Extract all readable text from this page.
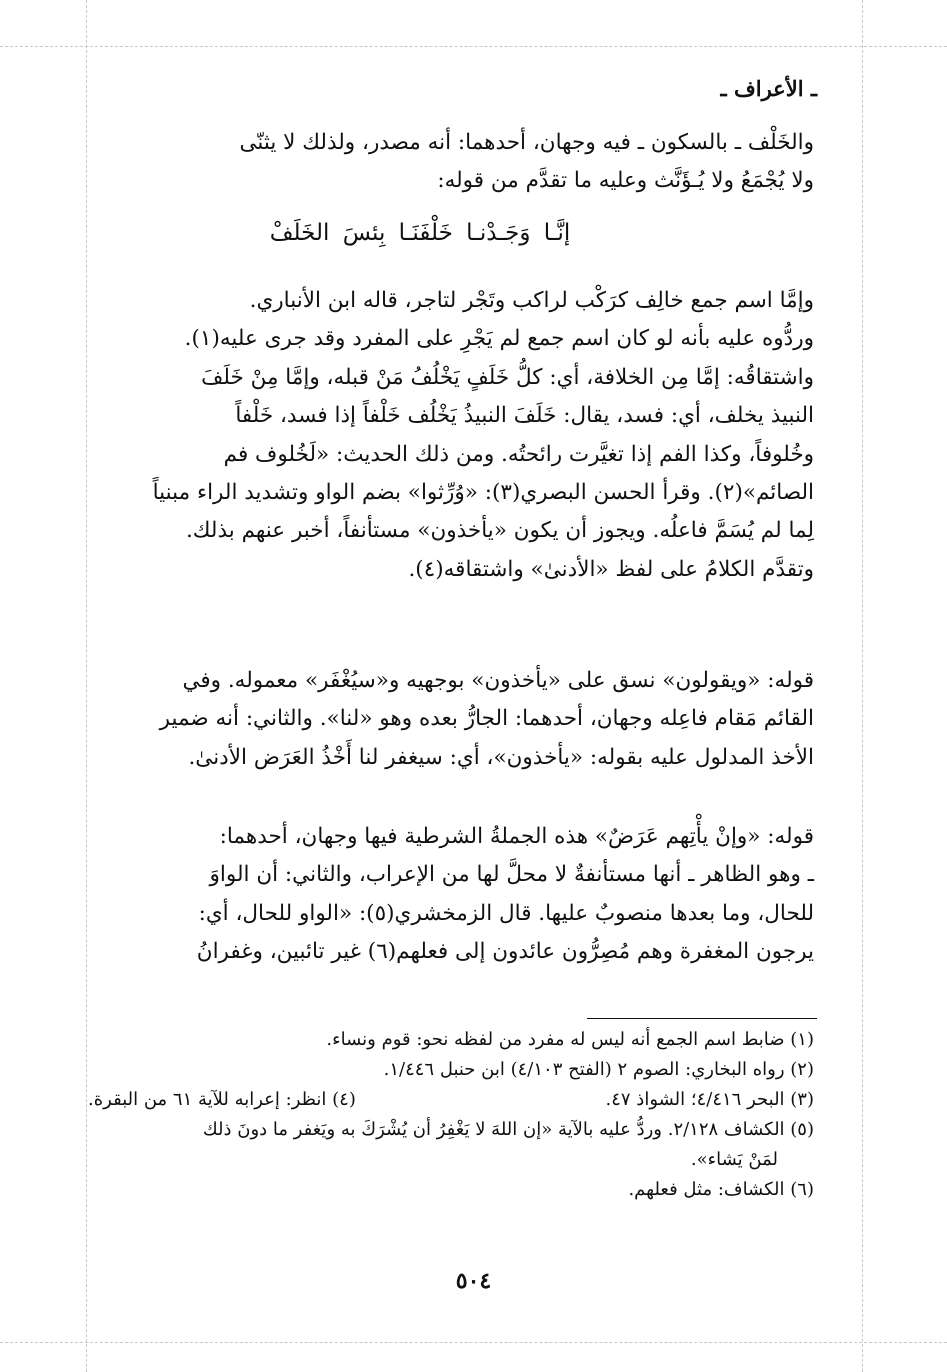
ـ الأعراف ـ
والخَلْف ـ بالسكون ـ فيه وجهان، أحدهما: أنه مصدر، ولذلك لا يثنّى
ولا يُجْمَعُ ولا يُـؤَنَّث وعليه ما تقدَّم من قوله:
إنَّـا وَجَـدْنـا خَلْفَنَـا بِئسَ الخَلَفْ
وإمَّا اسم جمع خالِف كرَكْب لراكب وتَجْر لتاجر، قاله ابن الأنباري.
وردُّوه عليه بأنه لو كان اسم جمع لم يَجْرِ على المفرد وقد جرى عليه(١).
واشتقاقُه: إمَّا مِن الخلافة، أي: كلُّ خَلَفٍ يَخْلُفُ مَنْ قبله، وإمَّا مِنْ خَلَفَ
النبيذ يخلف، أي: فسد، يقال: خَلَفَ النبيذُ يَخْلُف خَلْفاً إذا فسد، خَلْفاً
وخُلوفاً، وكذا الفم إذا تغيَّرت رائحتُه. ومن ذلك الحديث: «لَخُلوف فم
الصائم»(٢). وقرأ الحسن البصري(٣): «وُرِّثوا» بضم الواو وتشديد الراء مبنياً
لِما لم يُسَمَّ فاعلُه. ويجوز أن يكون «يأخذون» مستأنفاً، أخبر عنهم بذلك.
وتقدَّم الكلامُ على لفظ «الأدنىٰ» واشتقاقه(٤).
قوله: «ويقولون» نسق على «يأخذون» بوجهيه و«سيُغْفَر» معموله. وفي
القائم مَقام فاعِله وجهان، أحدهما: الجارُّ بعده وهو «لنا». والثاني: أنه ضمير
الأخذ المدلول عليه بقوله: «يأخذون»، أي: سيغفر لنا أَخْذُ العَرَض الأدنىٰ.
قوله: «وإنْ يأْتِهم عَرَضٌ» هذه الجملةُ الشرطية فيها وجهان، أحدهما:
ـ وهو الظاهر ـ أنها مستأنفةٌ لا محلَّ لها من الإعراب، والثاني: أن الواوَ
للحال، وما بعدها منصوبٌ عليها. قال الزمخشري(٥): «الواو للحال، أي:
يرجون المغفرة وهم مُصِرُّون عائدون إلى فعلهم(٦) غير تائبين، وغفرانُ
(١) ضابط اسم الجمع أنه ليس له مفرد من لفظه نحو: قوم ونساء.
(٢) رواه البخاري: الصوم ٢ (الفتح ٤/١٠٣) ابن حنبل ١/٤٤٦.
(٣) البحر ٤/٤١٦؛ الشواذ ٤٧.
(٤) انظر: إعرابه للآية ٦١ من البقرة.
(٥) الكشاف ٢/١٢٨. وردُّ عليه بالآية «إن اللهَ لا يَغْفِرُ أن يُشْرَكَ به ويَغفر ما دونَ ذلك
لمَنْ يَشاء».
(٦) الكشاف: مثل فعلهم.
٥٠٤
